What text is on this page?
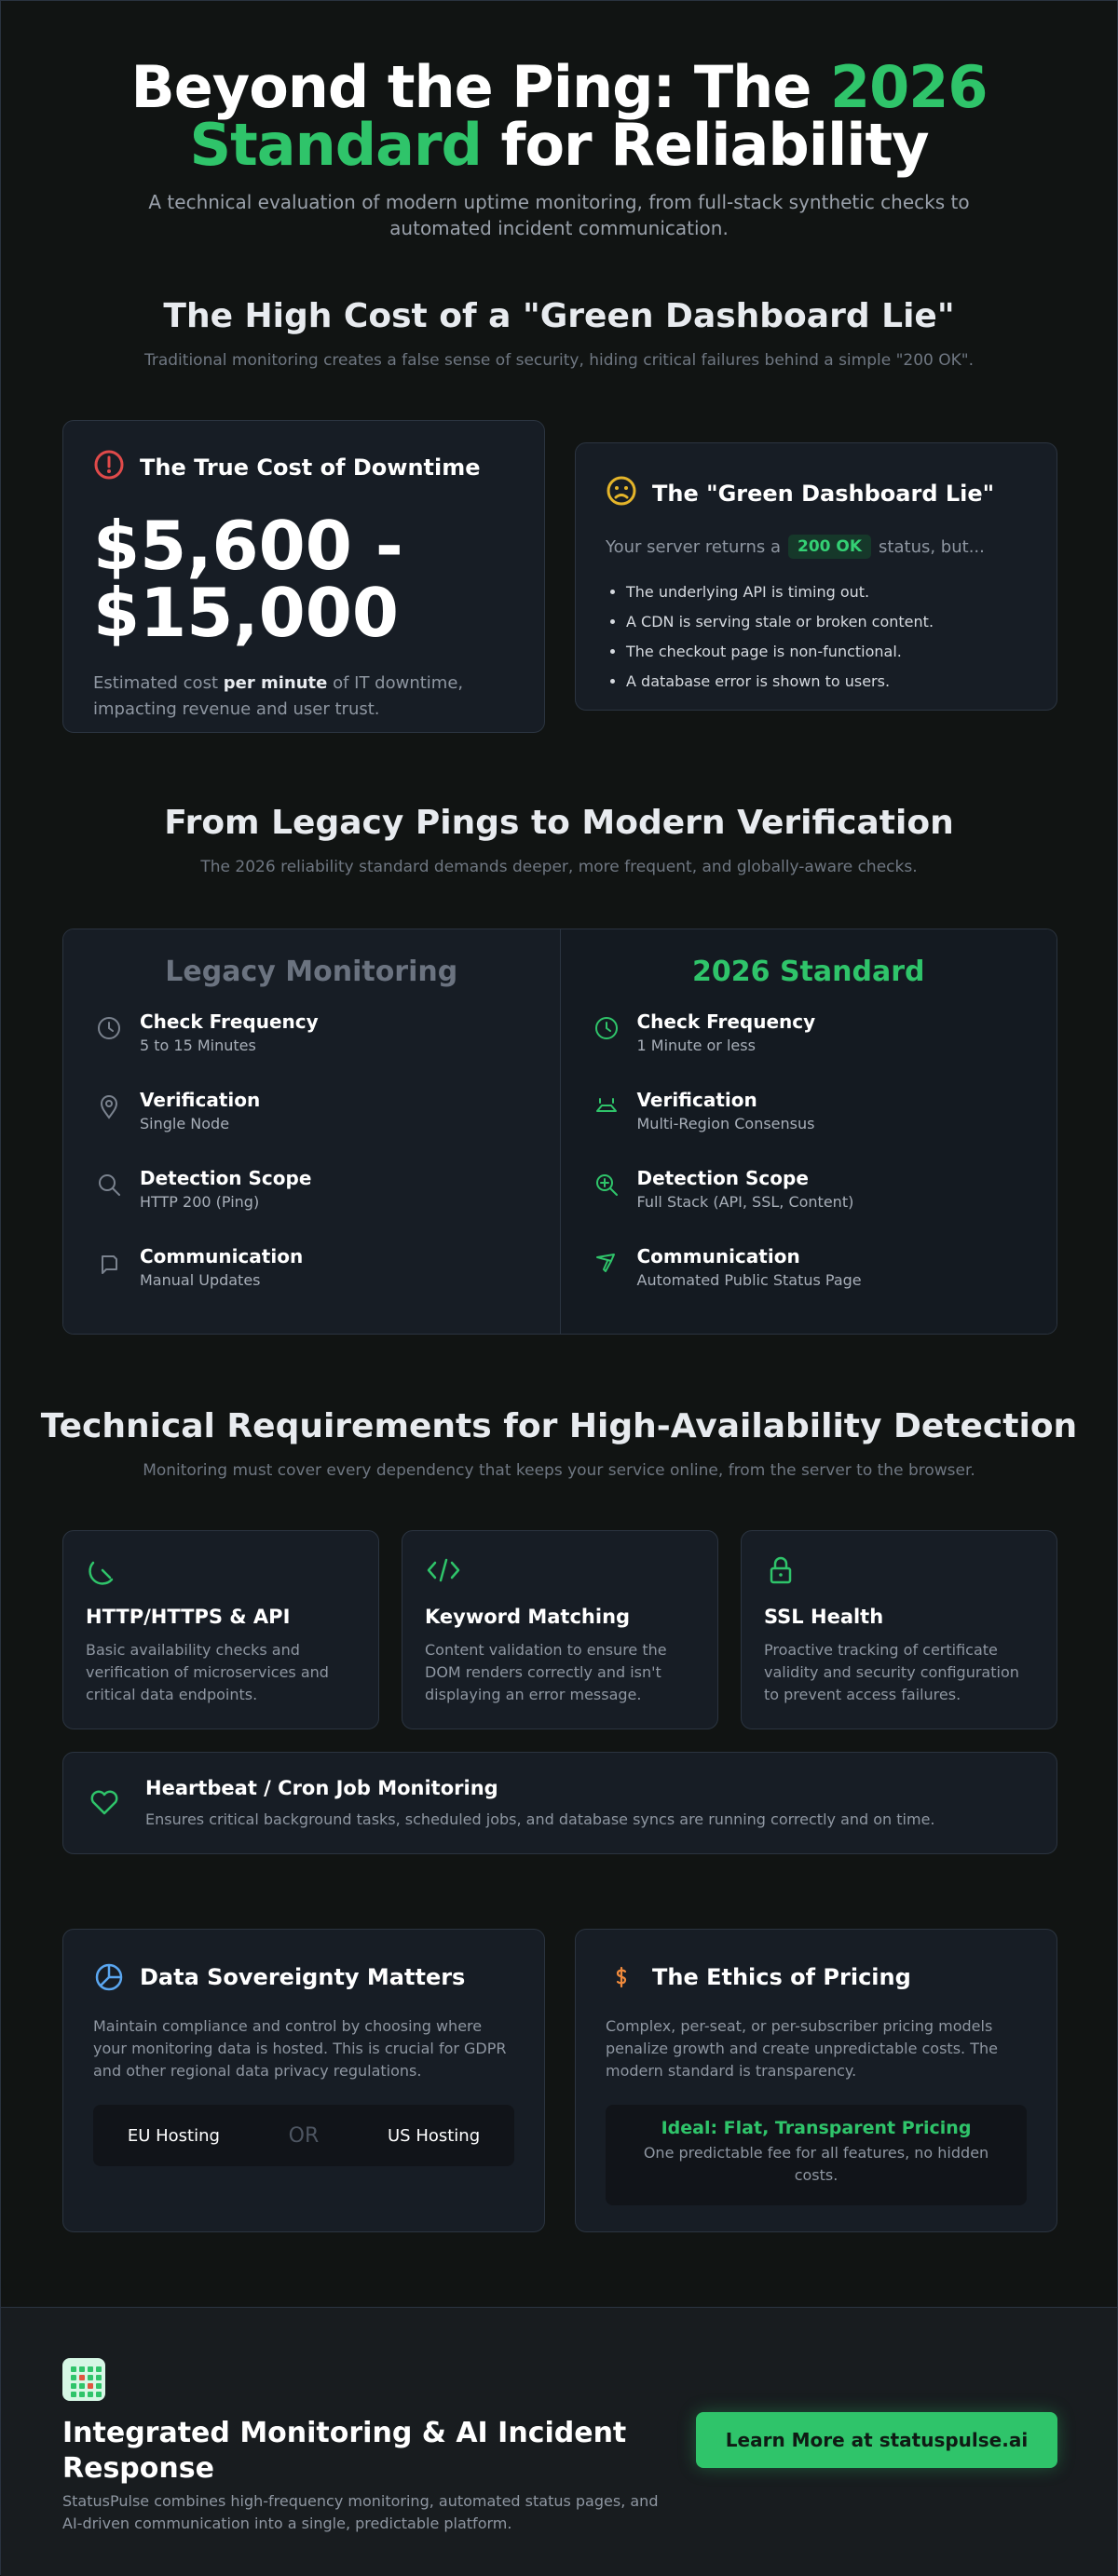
Beyond the Ping: The 2026
Standard for Reliability
A technical evaluation of modern uptime monitoring, from full-stack synthetic checks to automated incident communication.
The High Cost of a "Green Dashboard Lie"
Traditional monitoring creates a false sense of security, hiding critical failures behind a simple "200 OK".
The True Cost of Downtime
$5,600 -
$15,000
Estimated cost per minute of IT downtime, impacting revenue and user trust.
The "Green Dashboard Lie"
Your server returns a	200 OK	status, but...
• The underlying API is timing out.
• A CDN is serving stale or broken content.
• The checkout page is non-functional.
• A database error is shown to users.
From Legacy Pings to Modern Verification
The 2026 reliability standard demands deeper, more frequent, and globally-aware checks.
Legacy Monitoring
Check Frequency
5 to 15 Minutes
Verification
Single Node
Detection Scope
HTTP 200 (Ping)
Communication
Manual Updates
2026 Standard
Check Frequency
1 Minute or less
Verification
Multi-Region Consensus
Detection Scope
Full Stack (API, SSL, Content)
Communication
Automated Public Status Page
Technical Requirements for High-Availability Detection
Monitoring must cover every dependency that keeps your service online, from the server to the browser.
HTTP/HTTPS & API
Basic availability checks and verification of microservices and critical data endpoints.
Keyword Matching
Content validation to ensure the DOM renders correctly and isn't displaying an error message.
SSL Health
Proactive tracking of certificate validity and security configuration to prevent access failures.
Heartbeat / Cron Job Monitoring
Ensures critical background tasks, scheduled jobs, and database syncs are running correctly and on time.
Data Sovereignty Matters
Maintain compliance and control by choosing where your monitoring data is hosted. This is crucial for GDPR and other regional data privacy regulations.
EU Hosting	OR	US Hosting
The Ethics of Pricing
Complex, per-seat, or per-subscriber pricing models penalize growth and create unpredictable costs. The modern standard is transparency.
Ideal: Flat, Transparent Pricing
One predictable fee for all features, no hidden costs.
Integrated Monitoring & AI Incident Response
StatusPulse combines high-frequency monitoring, automated status pages, and AI-driven communication into a single, predictable platform.
Learn More at statuspulse.ai
